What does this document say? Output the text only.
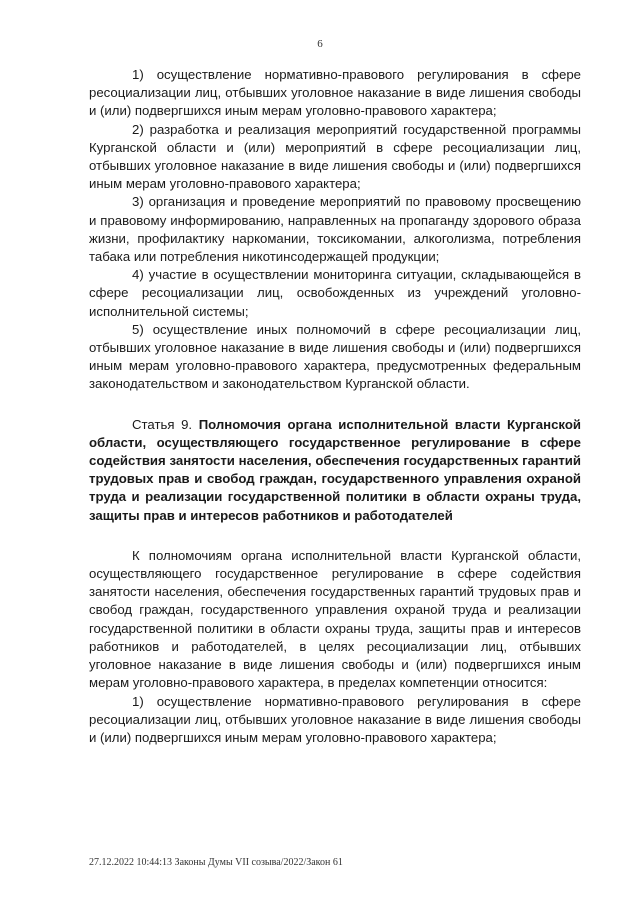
6

1) осуществление нормативно-правового регулирования в сфере ресоциализации лиц, отбывших уголовное наказание в виде лишения свободы и (или) подвергшихся иным мерам уголовно-правового характера;

2) разработка и реализация мероприятий государственной программы Курганской области и (или) мероприятий в сфере ресоциализации лиц, отбывших уголовное наказание в виде лишения свободы и (или) подвергшихся иным мерам уголовно-правового характера;

3) организация и проведение мероприятий по правовому просвещению и правовому информированию, направленных на пропаганду здорового образа жизни, профилактику наркомании, токсикомании, алкоголизма, потребления табака или потребления никотинсодержащей продукции;

4) участие в осуществлении мониторинга ситуации, складывающейся в сфере ресоциализации лиц, освобожденных из учреждений уголовно-исполнительной системы;

5) осуществление иных полномочий в сфере ресоциализации лиц, отбывших уголовное наказание в виде лишения свободы и (или) подвергшихся иным мерам уголовно-правового характера, предусмотренных федеральным законодательством и законодательством Курганской области.

Статья 9. Полномочия органа исполнительной власти Курганской области, осуществляющего государственное регулирование в сфере содействия занятости населения, обеспечения государственных гарантий трудовых прав и свобод граждан, государственного управления охраной труда и реализации государственной политики в области охраны труда, защиты прав и интересов работников и работодателей

К полномочиям органа исполнительной власти Курганской области, осуществляющего государственное регулирование в сфере содействия занятости населения, обеспечения государственных гарантий трудовых прав и свобод граждан, государственного управления охраной труда и реализации государственной политики в области охраны труда, защиты прав и интересов работников и работодателей, в целях ресоциализации лиц, отбывших уголовное наказание в виде лишения свободы и (или) подвергшихся иным мерам уголовно-правового характера, в пределах компетенции относится:

1) осуществление нормативно-правового регулирования в сфере ресоциализации лиц, отбывших уголовное наказание в виде лишения свободы и (или) подвергшихся иным мерам уголовно-правового характера;

27.12.2022 10:44:13 Законы Думы VII созыва/2022/Закон 61
